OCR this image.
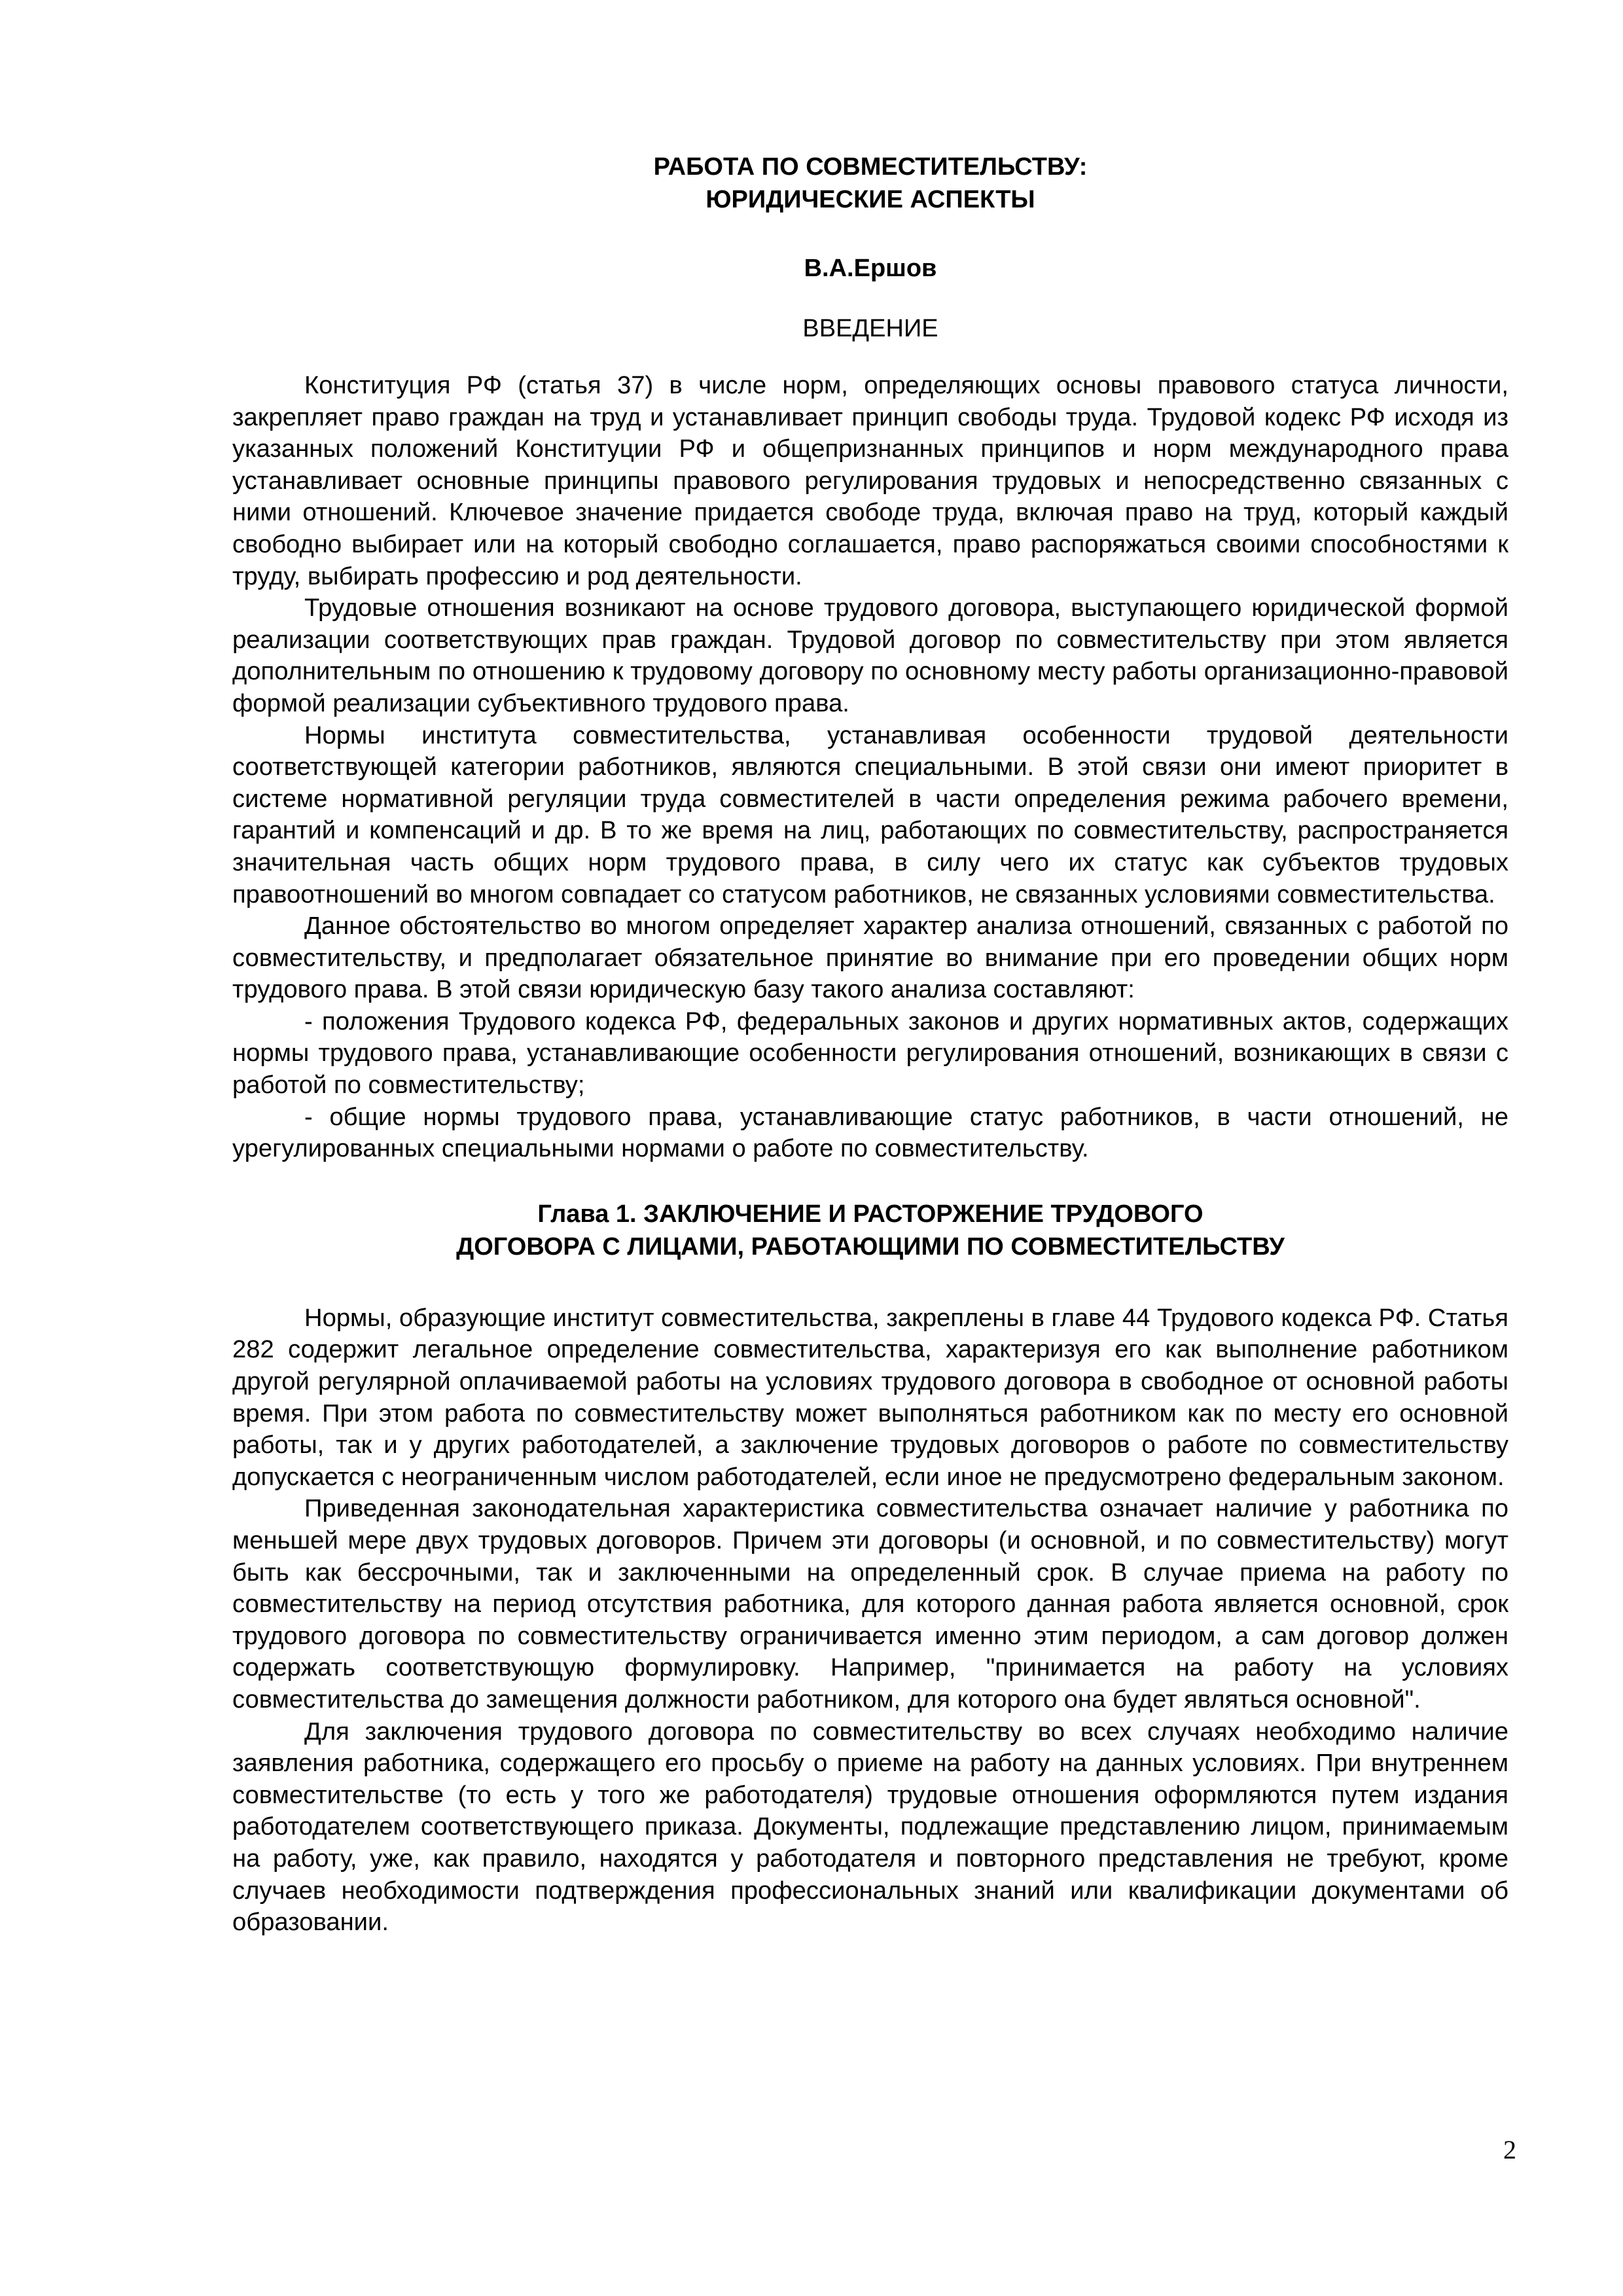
РАБОТА ПО СОВМЕСТИТЕЛЬСТВУ:
ЮРИДИЧЕСКИЕ АСПЕКТЫ
В.А.Ершов
ВВЕДЕНИЕ

Конституция РФ (статья 37) в числе норм, определяющих основы правового статуса личности, закрепляет право граждан на труд и устанавливает принцип свободы труда. Трудовой кодекс РФ исходя из указанных положений Конституции РФ и общепризнанных принципов и норм международного права устанавливает основные принципы правового регулирования трудовых и непосредственно связанных с ними отношений. Ключевое значение придается свободе труда, включая право на труд, который каждый свободно выбирает или на который свободно соглашается, право распоряжаться своими способностями к труду, выбирать профессию и род деятельности.

Трудовые отношения возникают на основе трудового договора, выступающего юридической формой реализации соответствующих прав граждан. Трудовой договор по совместительству при этом является дополнительным по отношению к трудовому договору по основному месту работы организационно-правовой формой реализации субъективного трудового права.

Нормы института совместительства, устанавливая особенности трудовой деятельности соответствующей категории работников, являются специальными. В этой связи они имеют приоритет в системе нормативной регуляции труда совместителей в части определения режима рабочего времени, гарантий и компенсаций и др. В то же время на лиц, работающих по совместительству, распространяется значительная часть общих норм трудового права, в силу чего их статус как субъектов трудовых правоотношений во многом совпадает со статусом работников, не связанных условиями совместительства.

Данное обстоятельство во многом определяет характер анализа отношений, связанных с работой по совместительству, и предполагает обязательное принятие во внимание при его проведении общих норм трудового права. В этой связи юридическую базу такого анализа составляют:

- положения Трудового кодекса РФ, федеральных законов и других нормативных актов, содержащих нормы трудового права, устанавливающие особенности регулирования отношений, возникающих в связи с работой по совместительству;

- общие нормы трудового права, устанавливающие статус работников, в части отношений, не урегулированных специальными нормами о работе по совместительству.

Глава 1. ЗАКЛЮЧЕНИЕ И РАСТОРЖЕНИЕ ТРУДОВОГО
ДОГОВОРА С ЛИЦАМИ, РАБОТАЮЩИМИ ПО СОВМЕСТИТЕЛЬСТВУ

Нормы, образующие институт совместительства, закреплены в главе 44 Трудового кодекса РФ. Статья 282 содержит легальное определение совместительства, характеризуя его как выполнение работником другой регулярной оплачиваемой работы на условиях трудового договора в свободное от основной работы время. При этом работа по совместительству может выполняться работником как по месту его основной работы, так и у других работодателей, а заключение трудовых договоров о работе по совместительству допускается с неограниченным числом работодателей, если иное не предусмотрено федеральным законом.

Приведенная законодательная характеристика совместительства означает наличие у работника по меньшей мере двух трудовых договоров. Причем эти договоры (и основной, и по совместительству) могут быть как бессрочными, так и заключенными на определенный срок. В случае приема на работу по совместительству на период отсутствия работника, для которого данная работа является основной, срок трудового договора по совместительству ограничивается именно этим периодом, а сам договор должен содержать соответствующую формулировку. Например, "принимается на работу на условиях совместительства до замещения должности работником, для которого она будет являться основной".

Для заключения трудового договора по совместительству во всех случаях необходимо наличие заявления работника, содержащего его просьбу о приеме на работу на данных условиях. При внутреннем совместительстве (то есть у того же работодателя) трудовые отношения оформляются путем издания работодателем соответствующего приказа. Документы, подлежащие представлению лицом, принимаемым на работу, уже, как правило, находятся у работодателя и повторного представления не требуют, кроме случаев необходимости подтверждения профессиональных знаний или квалификации документами об образовании.

2
